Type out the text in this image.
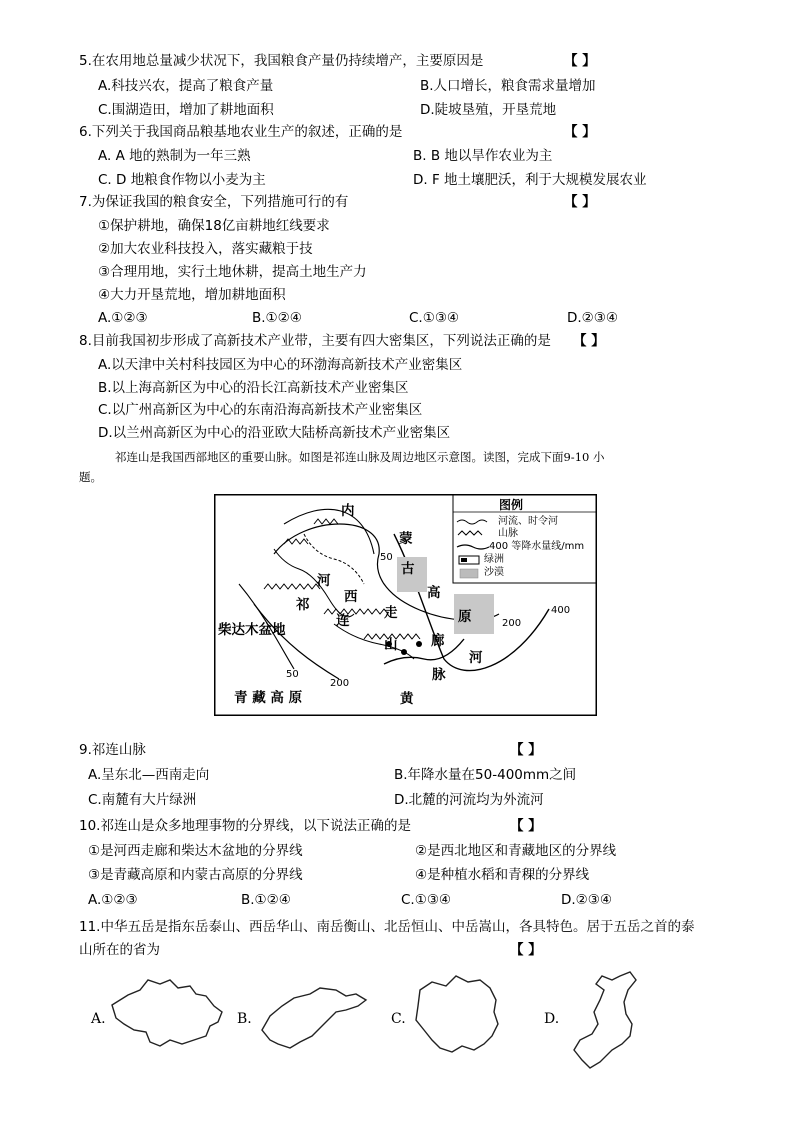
5.在农用地总量减少状况下，我国粮食产量仍持续增产，主要原因是	【 】
A.科技兴农，提高了粮食产量	B.人口增长，粮食需求量增加
C.围湖造田，增加了耕地面积	D.陡坡垦殖，开垦荒地
6.下列关于我国商品粮基地农业生产的叙述，正确的是	【 】
A. A 地的熟制为一年三熟	B. B 地以旱作农业为主
C. D 地粮食作物以小麦为主	D. F 地土壤肥沃，利于大规模发展农业
7.为保证我国的粮食安全，下列措施可行的有	【 】
①保护耕地，确保18亿亩耕地红线要求
②加大农业科技投入，落实藏粮于技
③合理用地，实行土地休耕，提高土地生产力
④大力开垦荒地，增加耕地面积
A.①②③	B.①②④	C.①③④	D.②③④
8.目前我国初步形成了高新技术产业带，主要有四大密集区，下列说法正确的是 【 】
A.以天津中关村科技园区为中心的环渤海高新技术产业密集区
B.以上海高新区为中心的沿长江高新技术产业密集区
C.以广州高新区为中心的东南沿海高新技术产业密集区
D.以兰州高新区为中心的沿亚欧大陆桥高新技术产业密集区
祁连山是我国西部地区的重要山脉。如图是祁连山脉及周边地区示意图。读图，完成下面9-10 小
题。
图例
河流、时令河
山脉
400 等降水量线/mm
绿洲
沙漠
内
蒙
古
高
原
河
西
走
廊
祁
连
山
脉
柴达木盆地
青 藏 高 原	黄
河
50
50
200
200
400
9.祁连山脉	【 】
A.呈东北—西南走向	B.年降水量在50-400mm之间
C.南麓有大片绿洲	D.北麓的河流均为外流河
10.祁连山是众多地理事物的分界线，以下说法正确的是	【 】
①是河西走廊和柴达木盆地的分界线	②是西北地区和青藏地区的分界线
③是青藏高原和内蒙古高原的分界线	④是种植水稻和青稞的分界线
A.①②③	B.①②④	C.①③④	D.②③④
11.中华五岳是指东岳泰山、西岳华山、南岳衡山、北岳恒山、中岳嵩山，各具特色。居于五岳之首的泰
山所在的省为	【 】
A.	B.	C.	D.
